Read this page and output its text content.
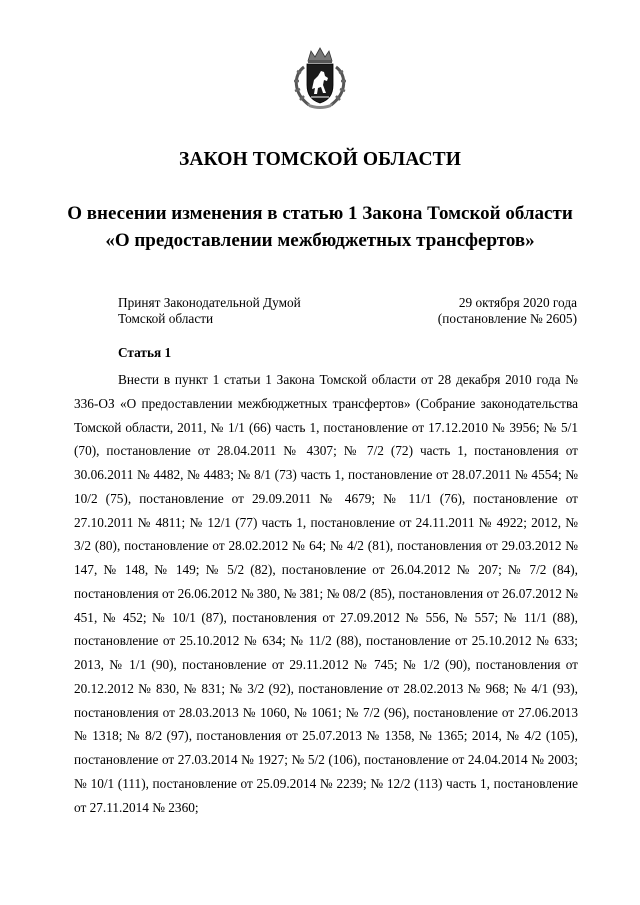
ЗАКОН ТОМСКОЙ ОБЛАСТИ
О внесении изменения в статью 1 Закона Томской области «О предоставлении межбюджетных трансфертов»
Принят Законодательной Думой
Томской области
29 октября 2020 года
(постановление № 2605)
Статья 1

Внести в пункт 1 статьи 1 Закона Томской области от 28 декабря 2010 года № 336-ОЗ «О предоставлении межбюджетных трансфертов» (Собрание законодательства Томской области, 2011, № 1/1 (66) часть 1, постановление от 17.12.2010 № 3956; № 5/1 (70), постановление от 28.04.2011 № 4307; № 7/2 (72) часть 1, постановления от 30.06.2011 № 4482, № 4483; № 8/1 (73) часть 1, постановление от 28.07.2011 № 4554; № 10/2 (75), постановление от 29.09.2011 № 4679; № 11/1 (76), постановление от 27.10.2011 № 4811; № 12/1 (77) часть 1, постановление от 24.11.2011 № 4922; 2012, № 3/2 (80), постановление от 28.02.2012 № 64; № 4/2 (81), постановления от 29.03.2012 № 147, № 148, № 149; № 5/2 (82), постановление от 26.04.2012 № 207; № 7/2 (84), постановления от 26.06.2012 № 380, № 381; № 08/2 (85), постановления от 26.07.2012 № 451, № 452; № 10/1 (87), постановления от 27.09.2012 № 556, № 557; № 11/1 (88), постановление от 25.10.2012 № 634; № 11/2 (88), постановление от 25.10.2012 № 633; 2013, № 1/1 (90), постановление от 29.11.2012 № 745; № 1/2 (90), постановления от 20.12.2012 № 830, № 831; № 3/2 (92), постановление от 28.02.2013 № 968; № 4/1 (93), постановления от 28.03.2013 № 1060, № 1061; № 7/2 (96), постановление от 27.06.2013 № 1318; № 8/2 (97), постановления от 25.07.2013 № 1358, № 1365; 2014, № 4/2 (105), постановление от 27.03.2014 № 1927; № 5/2 (106), постановление от 24.04.2014 № 2003; № 10/1 (111), постановление от 25.09.2014 № 2239; № 12/2 (113) часть 1, постановление от 27.11.2014 № 2360;
